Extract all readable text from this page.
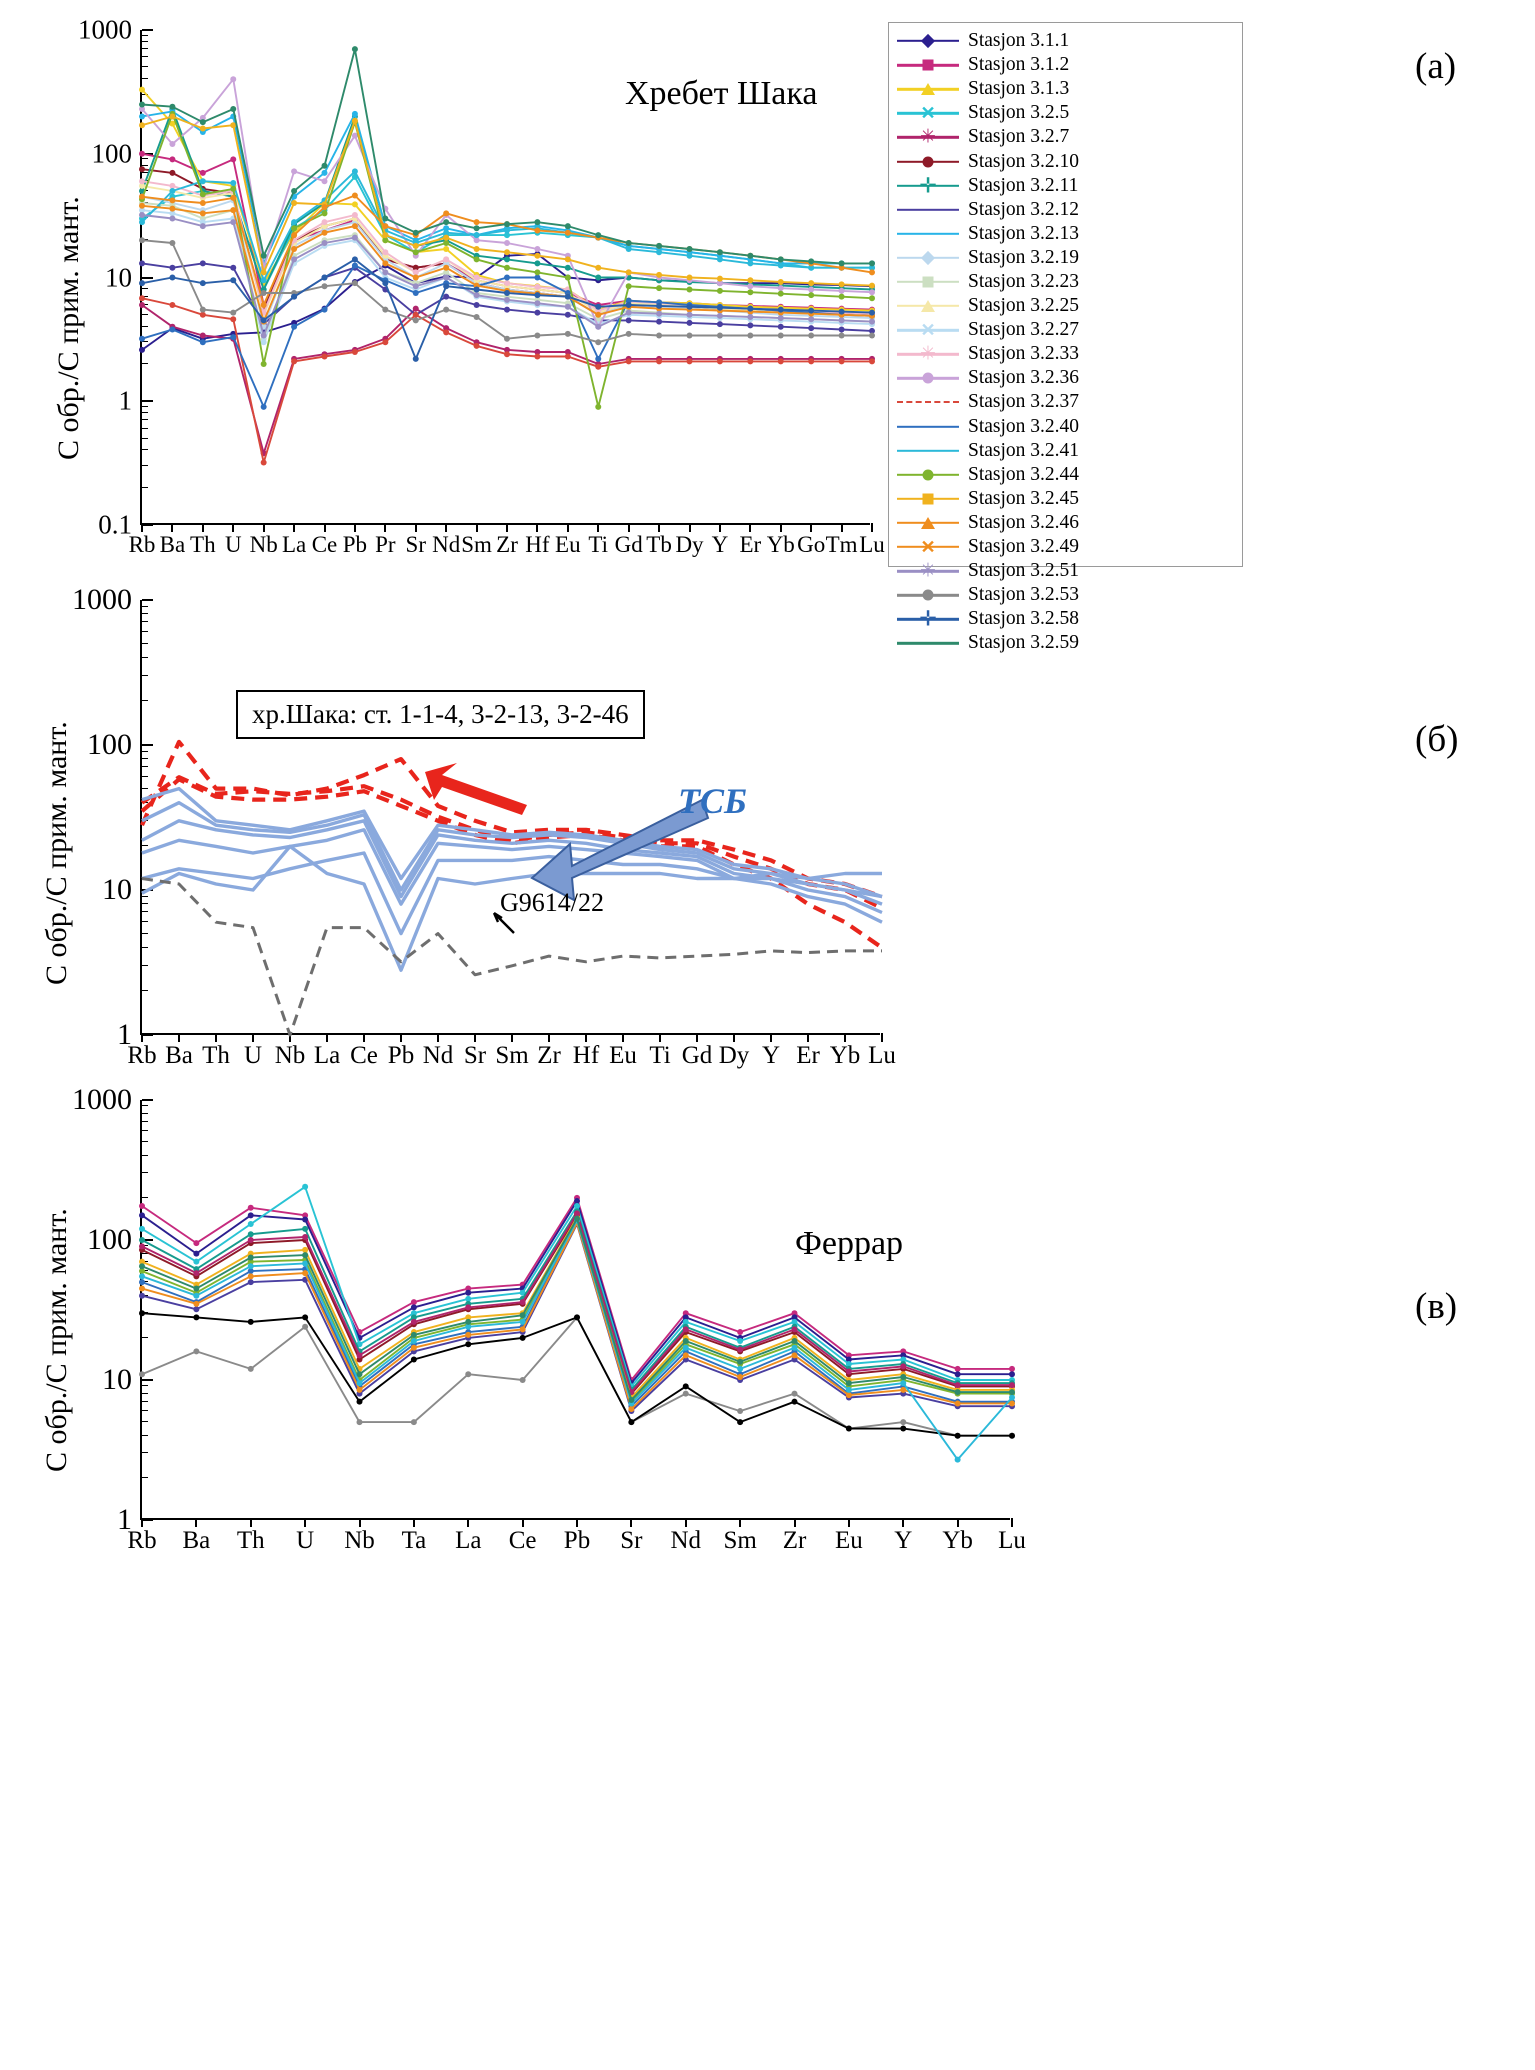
1000
100
10
1
0.1
Rb Ba Th U Nb La Ce Pb Pr Sr Nd Sm Zr Hf Eu Ti Gd Tb Dy Y Er Yb Go Tm Lu
C обр./C прим. мант.
Хребет Шака
(а)
Stasjon 3.1.1
Stasjon 3.1.2
Stasjon 3.1.3
✕	Stasjon 3.2.5
✳	Stasjon 3.2.7
Stasjon 3.2.10
✛	Stasjon 3.2.11
Stasjon 3.2.12
Stasjon 3.2.13
Stasjon 3.2.19
Stasjon 3.2.23
Stasjon 3.2.25
✕	Stasjon 3.2.27
✳	Stasjon 3.2.33
Stasjon 3.2.36
Stasjon 3.2.37
Stasjon 3.2.40
Stasjon 3.2.41
Stasjon 3.2.44
Stasjon 3.2.45
Stasjon 3.2.46
✕	Stasjon 3.2.49
✳	Stasjon 3.2.51
Stasjon 3.2.53
✛	Stasjon 3.2.58
Stasjon 3.2.59
1000
100
10
1
Rb Ba Th U Nb La Ce Pb Nd Sr Sm Zr Hf Eu Ti Gd Dy Y Er Yb Lu
C обр./C прим. мант.	(б)
хр.Шака: ст. 1-1-4, 3-2-13, 3-2-46
ТСБ
G9614/22
1000
100
10
1
Rb Ba Th U Nb Ta La Ce Pb Sr Nd Sm Zr Eu Y Yb Lu
C обр./C прим. мант.	Феррар
(в)
